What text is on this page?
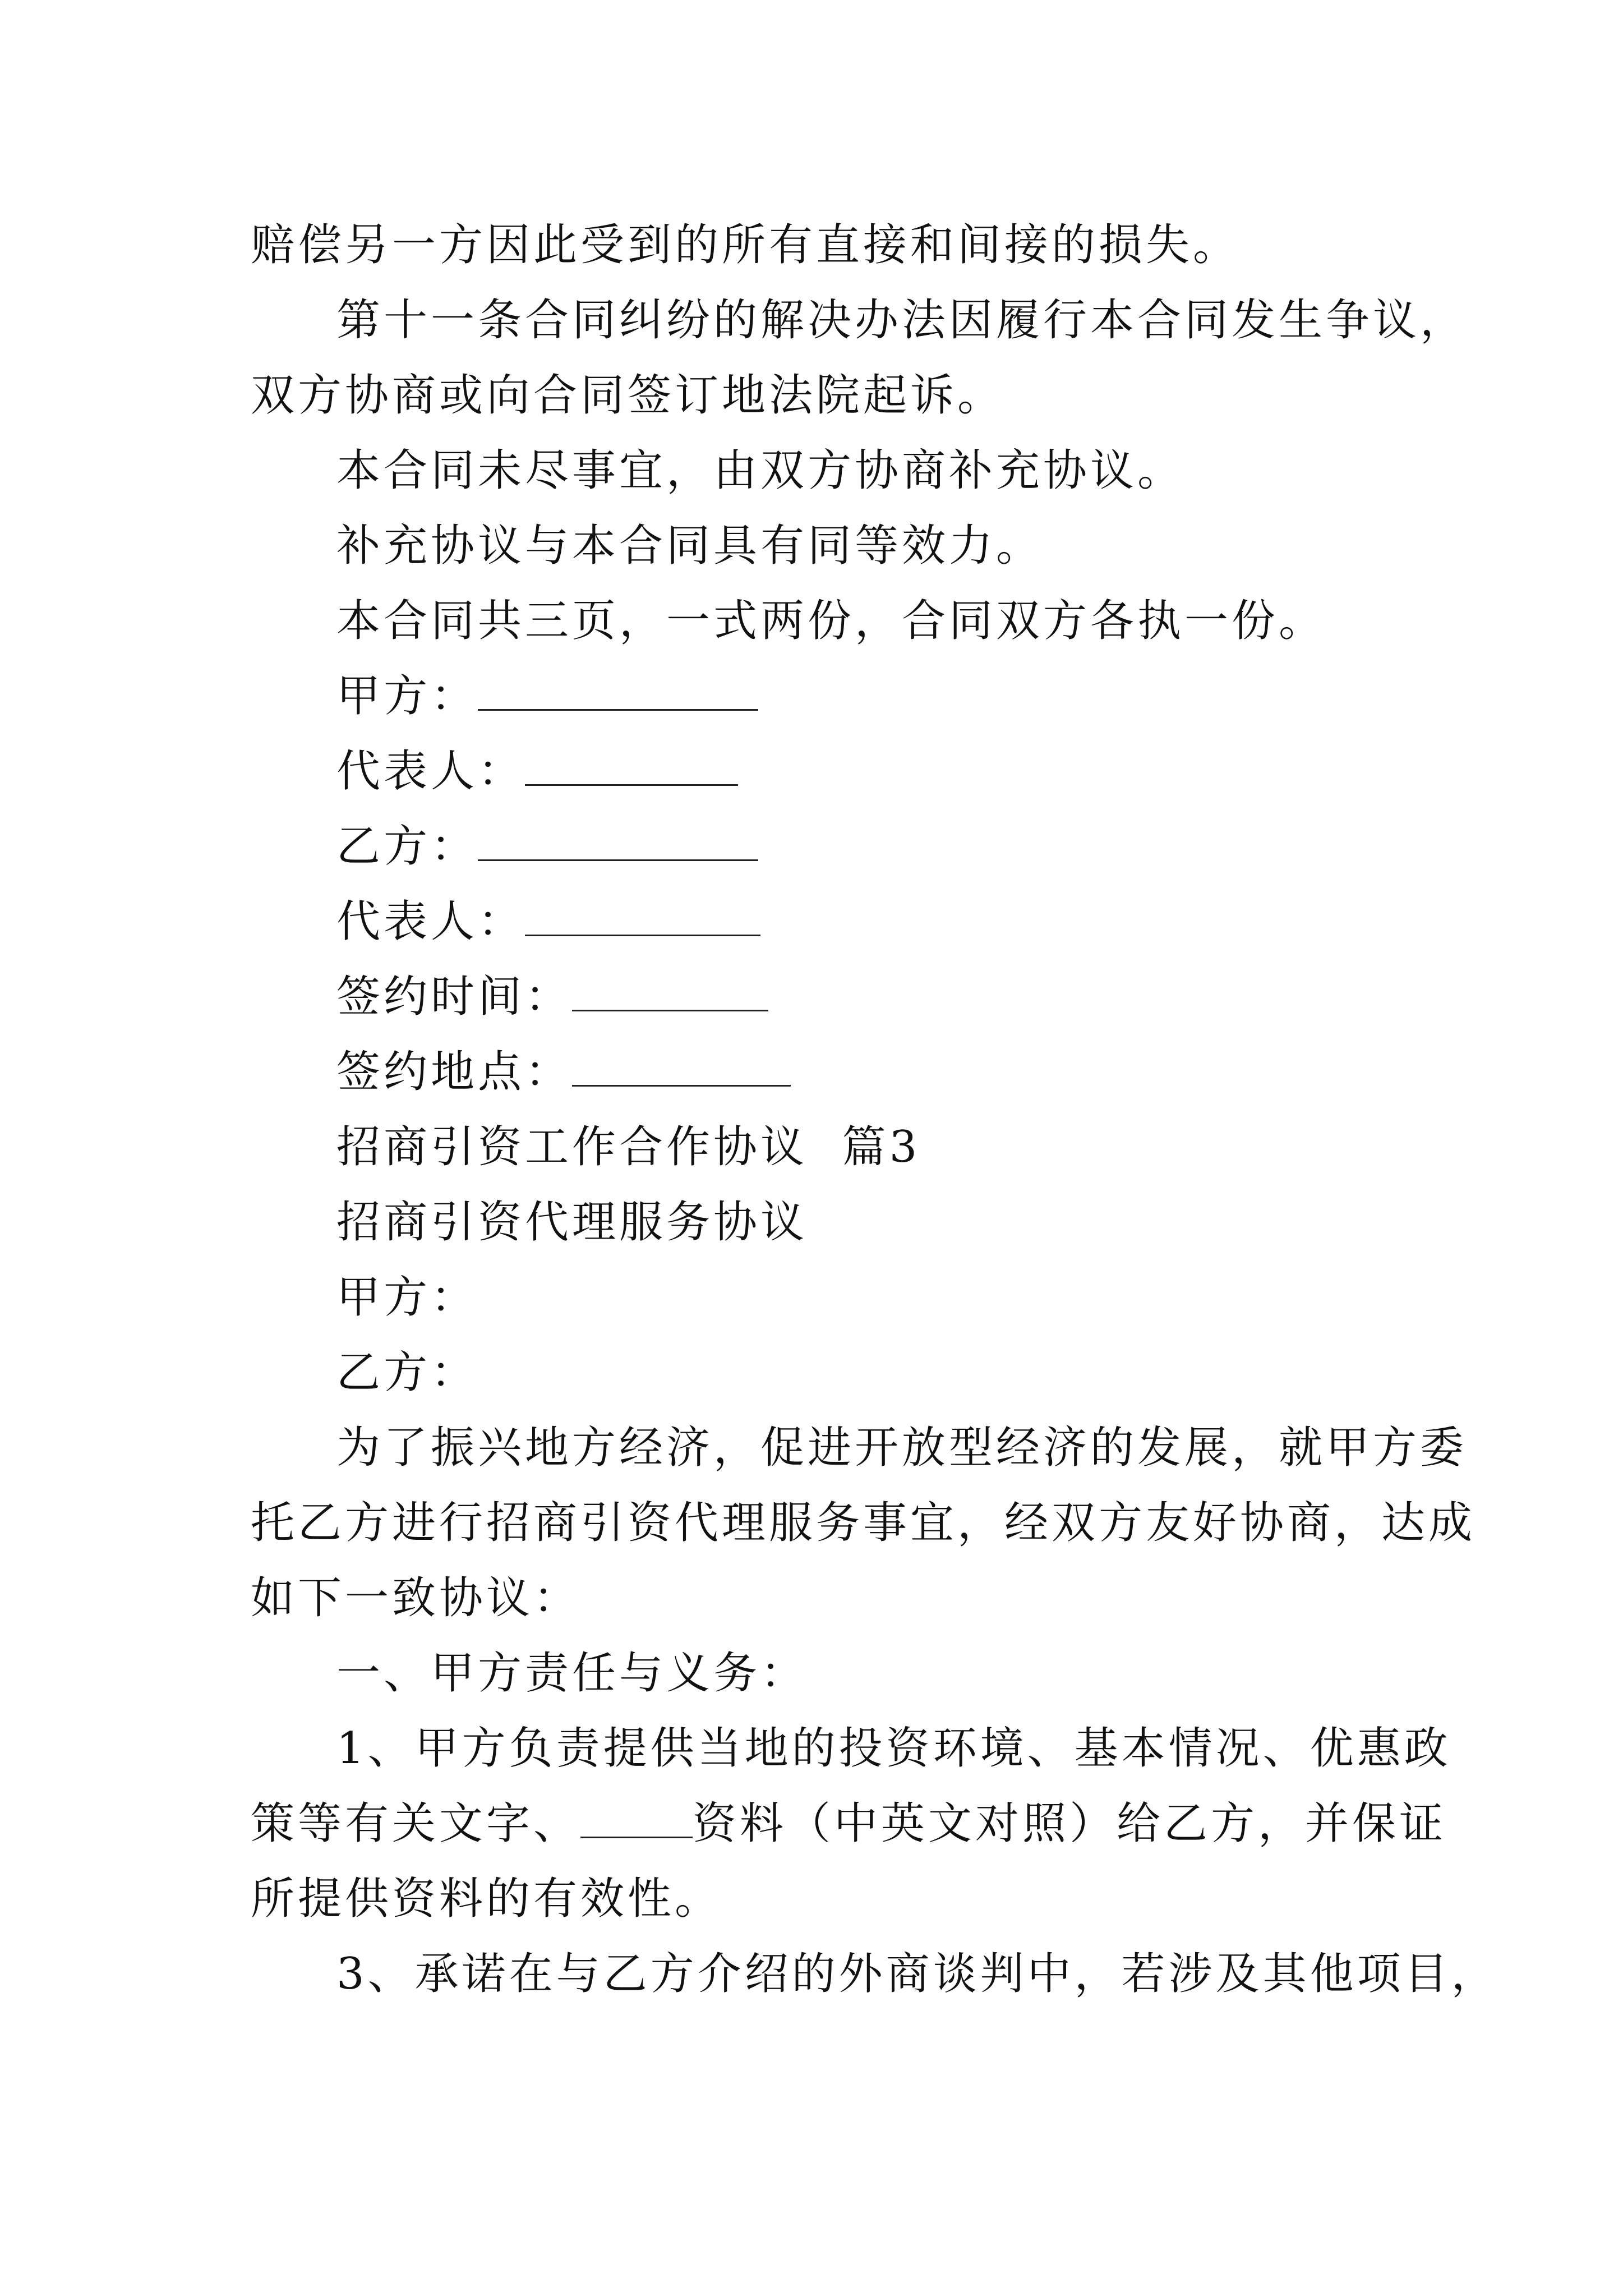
赔偿另一方因此受到的所有直接和间接的损失。
第十一条合同纠纷的解决办法因履行本合同发生争议，
双方协商或向合同签订地法院起诉。
本合同未尽事宜，由双方协商补充协议。
补充协议与本合同具有同等效力。
本合同共三页，一式两份，合同双方各执一份。
甲方：
代表人：
乙方：
代表人：
签约时间：
签约地点：
招商引资工作合作协议  篇3
招商引资代理服务协议
甲方：
乙方：
为了振兴地方经济，促进开放型经济的发展，就甲方委
托乙方进行招商引资代理服务事宜，经双方友好协商，达成
如下一致协议：
一、甲方责任与义务：
1、甲方负责提供当地的投资环境、基本情况、优惠政
策等有关文字、	资料（中英文对照）给乙方，并保证
所提供资料的有效性。
3、承诺在与乙方介绍的外商谈判中，若涉及其他项目，
